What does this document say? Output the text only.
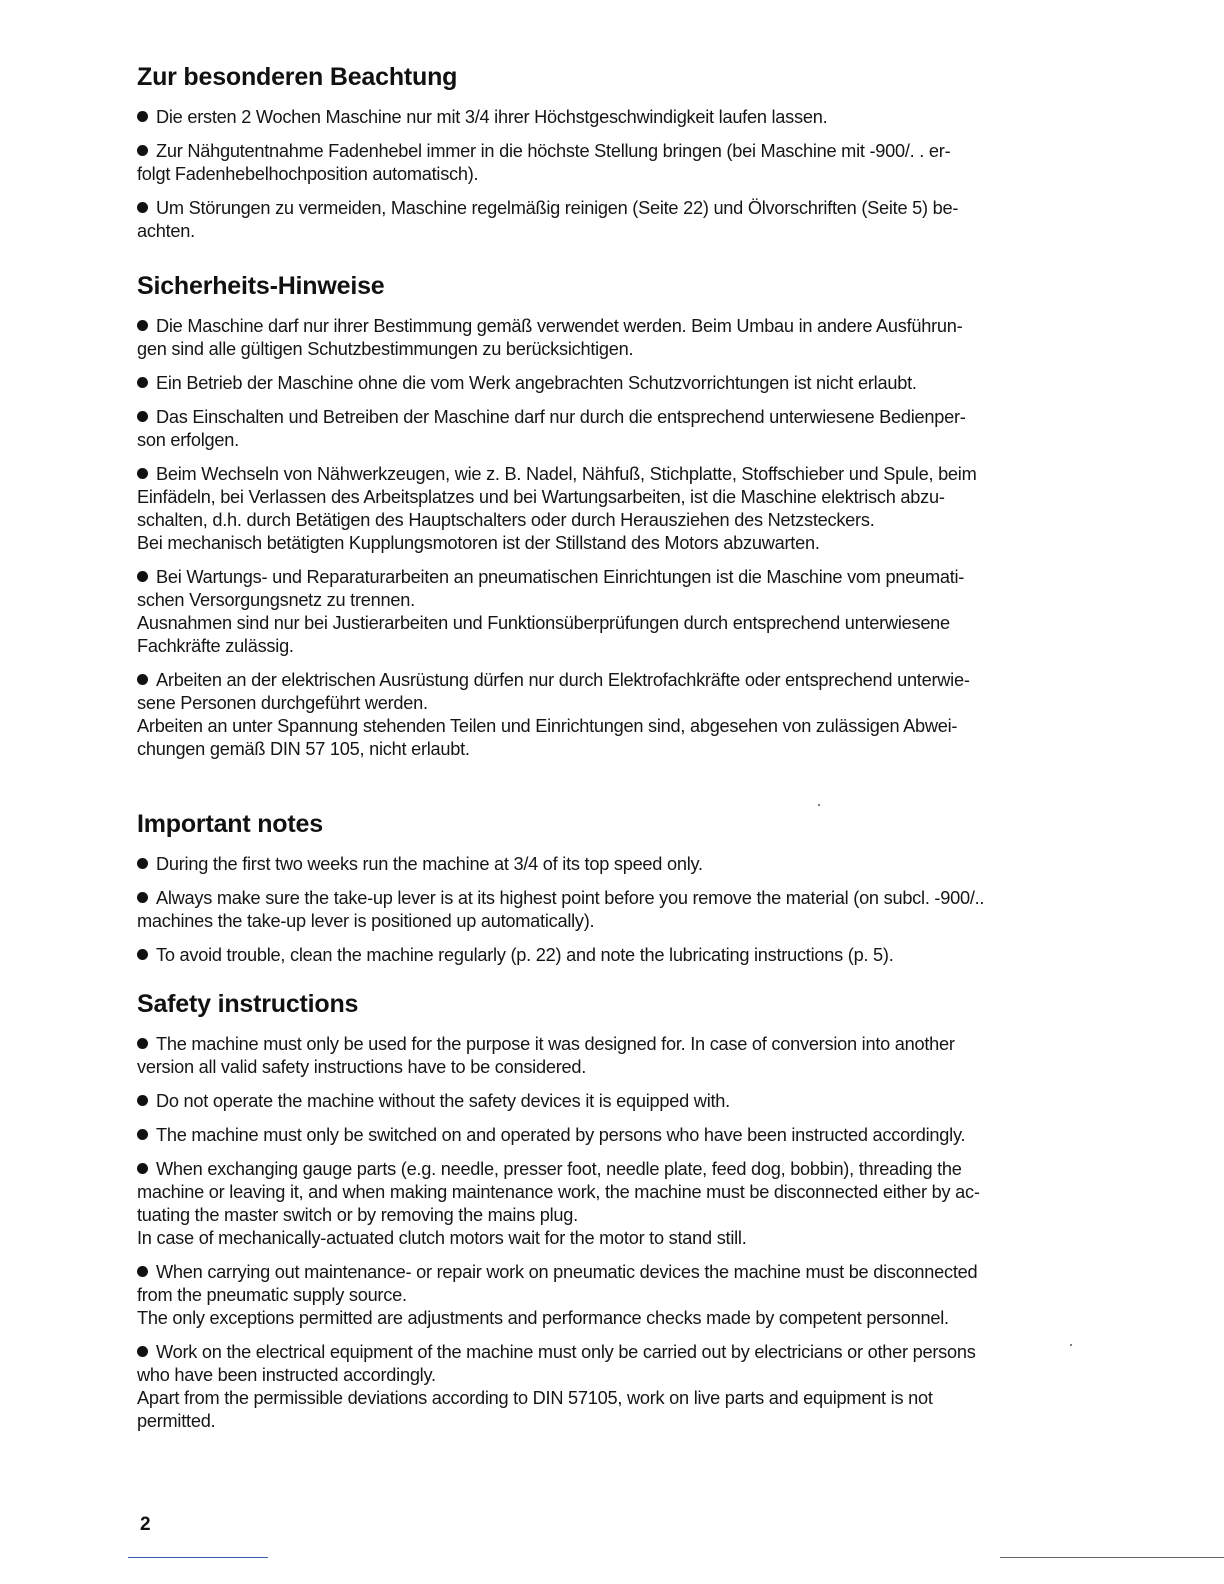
Zur besonderen Beachtung

Die ersten 2 Wochen Maschine nur mit 3/4 ihrer Höchstgeschwindigkeit laufen lassen.

Zur Nähgutentnahme Fadenhebel immer in die höchste Stellung bringen (bei Maschine mit -900/. . er-
folgt Fadenhebelhochposition automatisch).

Um Störungen zu vermeiden, Maschine regelmäßig reinigen (Seite 22) und Ölvorschriften (Seite 5) be-
achten.

Sicherheits-Hinweise

Die Maschine darf nur ihrer Bestimmung gemäß verwendet werden. Beim Umbau in andere Ausführun-
gen sind alle gültigen Schutzbestimmungen zu berücksichtigen.

Ein Betrieb der Maschine ohne die vom Werk angebrachten Schutzvorrichtungen ist nicht erlaubt.

Das Einschalten und Betreiben der Maschine darf nur durch die entsprechend unterwiesene Bedienper-
son erfolgen.

Beim Wechseln von Nähwerkzeugen, wie z. B. Nadel, Nähfuß, Stichplatte, Stoffschieber und Spule, beim
Einfädeln, bei Verlassen des Arbeitsplatzes und bei Wartungsarbeiten, ist die Maschine elektrisch abzu-
schalten, d.h. durch Betätigen des Hauptschalters oder durch Herausziehen des Netzsteckers.
Bei mechanisch betätigten Kupplungsmotoren ist der Stillstand des Motors abzuwarten.

Bei Wartungs- und Reparaturarbeiten an pneumatischen Einrichtungen ist die Maschine vom pneumati-
schen Versorgungsnetz zu trennen.
Ausnahmen sind nur bei Justierarbeiten und Funktionsüberprüfungen durch entsprechend unterwiesene
Fachkräfte zulässig.

Arbeiten an der elektrischen Ausrüstung dürfen nur durch Elektrofachkräfte oder entsprechend unterwie-
sene Personen durchgeführt werden.
Arbeiten an unter Spannung stehenden Teilen und Einrichtungen sind, abgesehen von zulässigen Abwei-
chungen gemäß DIN 57 105, nicht erlaubt.

Important notes

During the first two weeks run the machine at 3/4 of its top speed only.

Always make sure the take-up lever is at its highest point before you remove the material (on subcl. -900/..
machines the take-up lever is positioned up automatically).

To avoid trouble, clean the machine regularly (p. 22) and note the lubricating instructions (p. 5).

Safety instructions

The machine must only be used for the purpose it was designed for. In case of conversion into another
version all valid safety instructions have to be considered.

Do not operate the machine without the safety devices it is equipped with.

The machine must only be switched on and operated by persons who have been instructed accordingly.

When exchanging gauge parts (e.g. needle, presser foot, needle plate, feed dog, bobbin), threading the
machine or leaving it, and when making maintenance work, the machine must be disconnected either by ac-
tuating the master switch or by removing the mains plug.
In case of mechanically-actuated clutch motors wait for the motor to stand still.

When carrying out maintenance- or repair work on pneumatic devices the machine must be disconnected
from the pneumatic supply source.
The only exceptions permitted are adjustments and performance checks made by competent personnel.

Work on the electrical equipment of the machine must only be carried out by electricians or other persons
who have been instructed accordingly.
Apart from the permissible deviations according to DIN 57105, work on live parts and equipment is not
permitted.

2
